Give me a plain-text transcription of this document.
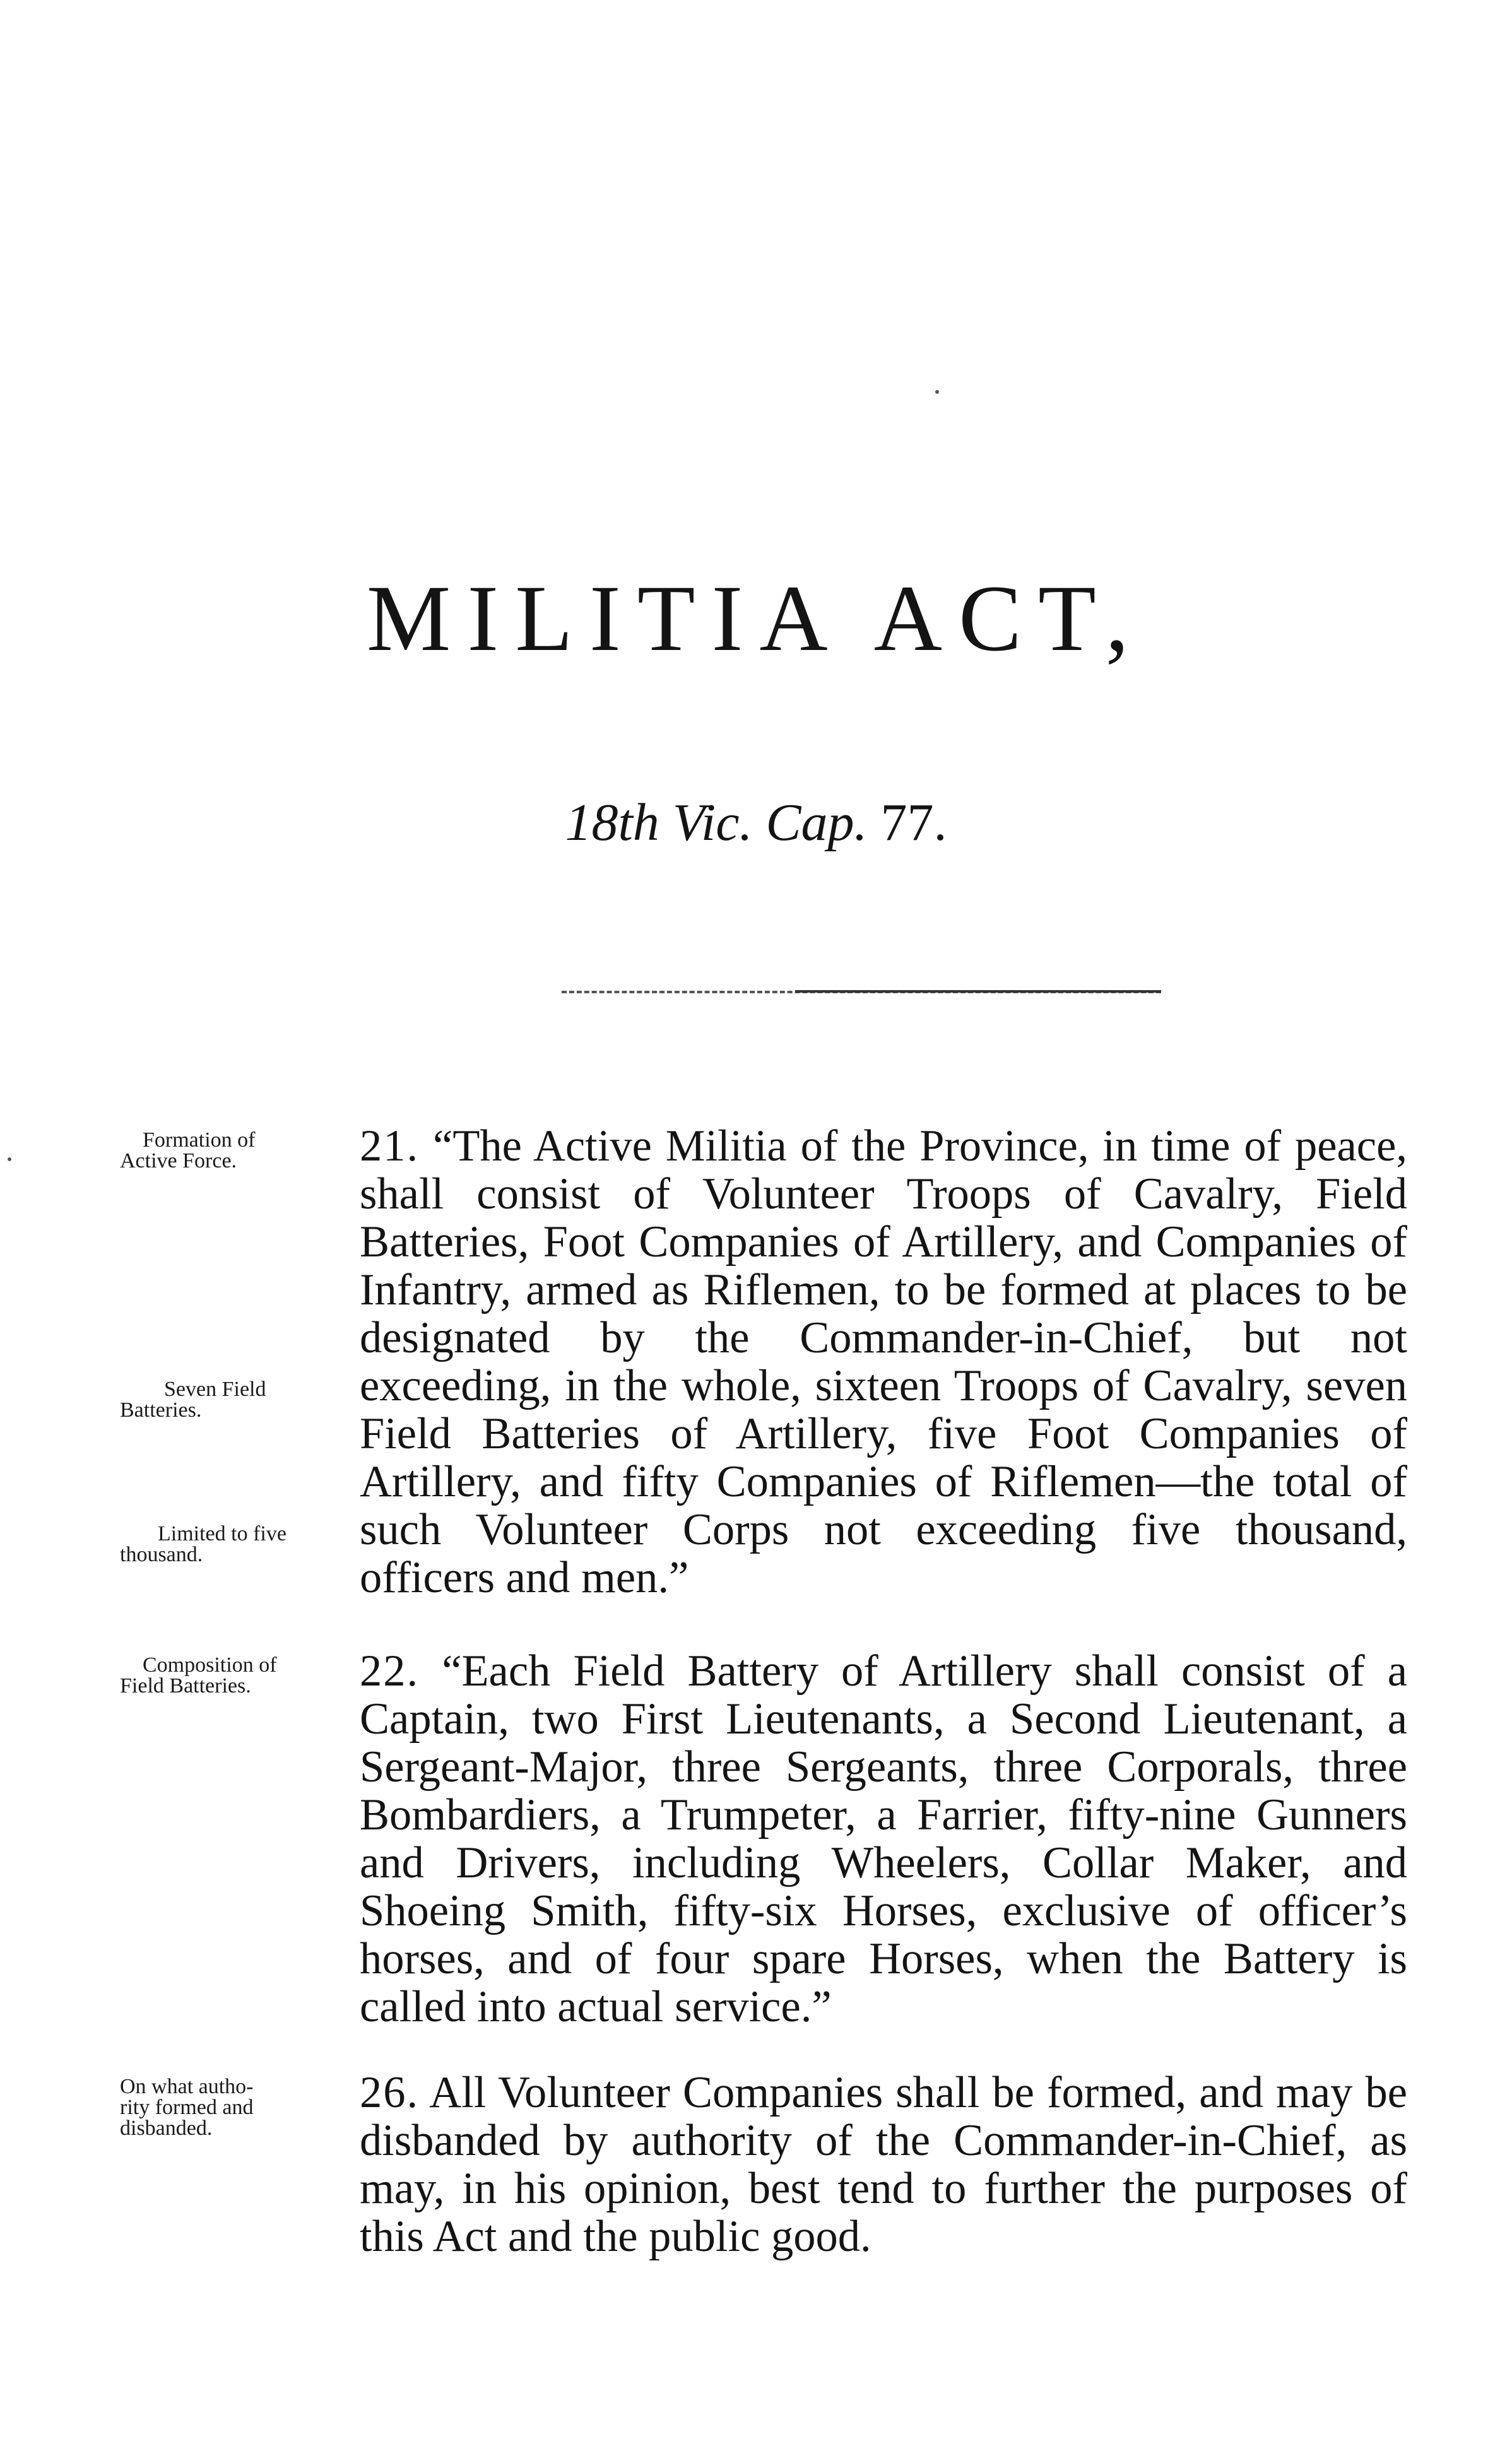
MILITIA ACT,
18th Vic. Cap. 77.

21. “The Active Militia of the Province, in time of peace, shall consist of Volunteer Troops of Cavalry, Field Batteries, Foot Companies of Artillery, and Companies of Infantry, armed as Riflemen, to be formed at places to be designated by the Commander-in-Chief, but not exceeding, in the whole, sixteen Troops of Cavalry, seven Field Batteries of Artillery, five Foot Companies of Artillery, and fifty Companies of Riflemen—the total of such Volunteer Corps not exceeding five thousand, officers and men.”

Formation of
Active Force.
Seven Field
Batteries.
Limited to five
thousand.

22. “Each Field Battery of Artillery shall consist of a Captain, two First Lieutenants, a Second Lieutenant, a Sergeant-Major, three Sergeants, three Corporals, three Bombardiers, a Trumpeter, a Farrier, fifty-nine Gunners and Drivers, including Wheelers, Collar Maker, and Shoeing Smith, fifty-six Horses, exclusive of officer’s horses, and of four spare Horses, when the Battery is called into actual service.”

Composition of
Field Batteries.

26. All Volunteer Companies shall be formed, and may be disbanded by authority of the Commander-in-Chief, as may, in his opinion, best tend to further the purposes of this Act and the public good.

On what autho-
rity formed and
disbanded.
